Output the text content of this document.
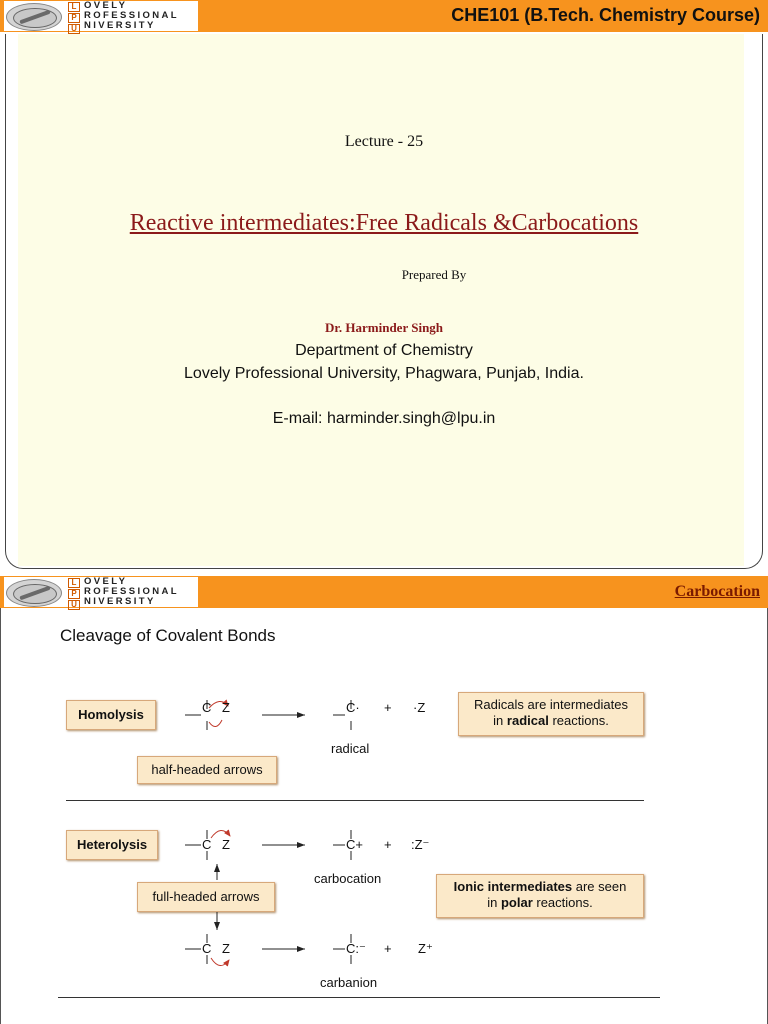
L
P
U
OVELY
ROFESSIONAL
NIVERSITY
CHE101 (B.Tech. Chemistry Course)
Lecture - 25
Reactive intermediates:Free Radicals &Carbocations
Prepared By
Dr. Harminder Singh
Department of Chemistry
Lovely Professional University, Phagwara, Punjab, India.
E-mail: harminder.singh@lpu.in
L
P
U
OVELY
ROFESSIONAL
NIVERSITY
Carbocation
Cleavage of Covalent Bonds
Homolysis
half-headed arrows
Radicals are intermediates
in radical reactions.
Heterolysis
full-headed arrows
Ionic intermediates are seen
in polar reactions.
C Z	C· + ·Z
radical
C Z	C+ + :Z⁻
carbocation
C Z	C:⁻ + Z⁺
carbanion
